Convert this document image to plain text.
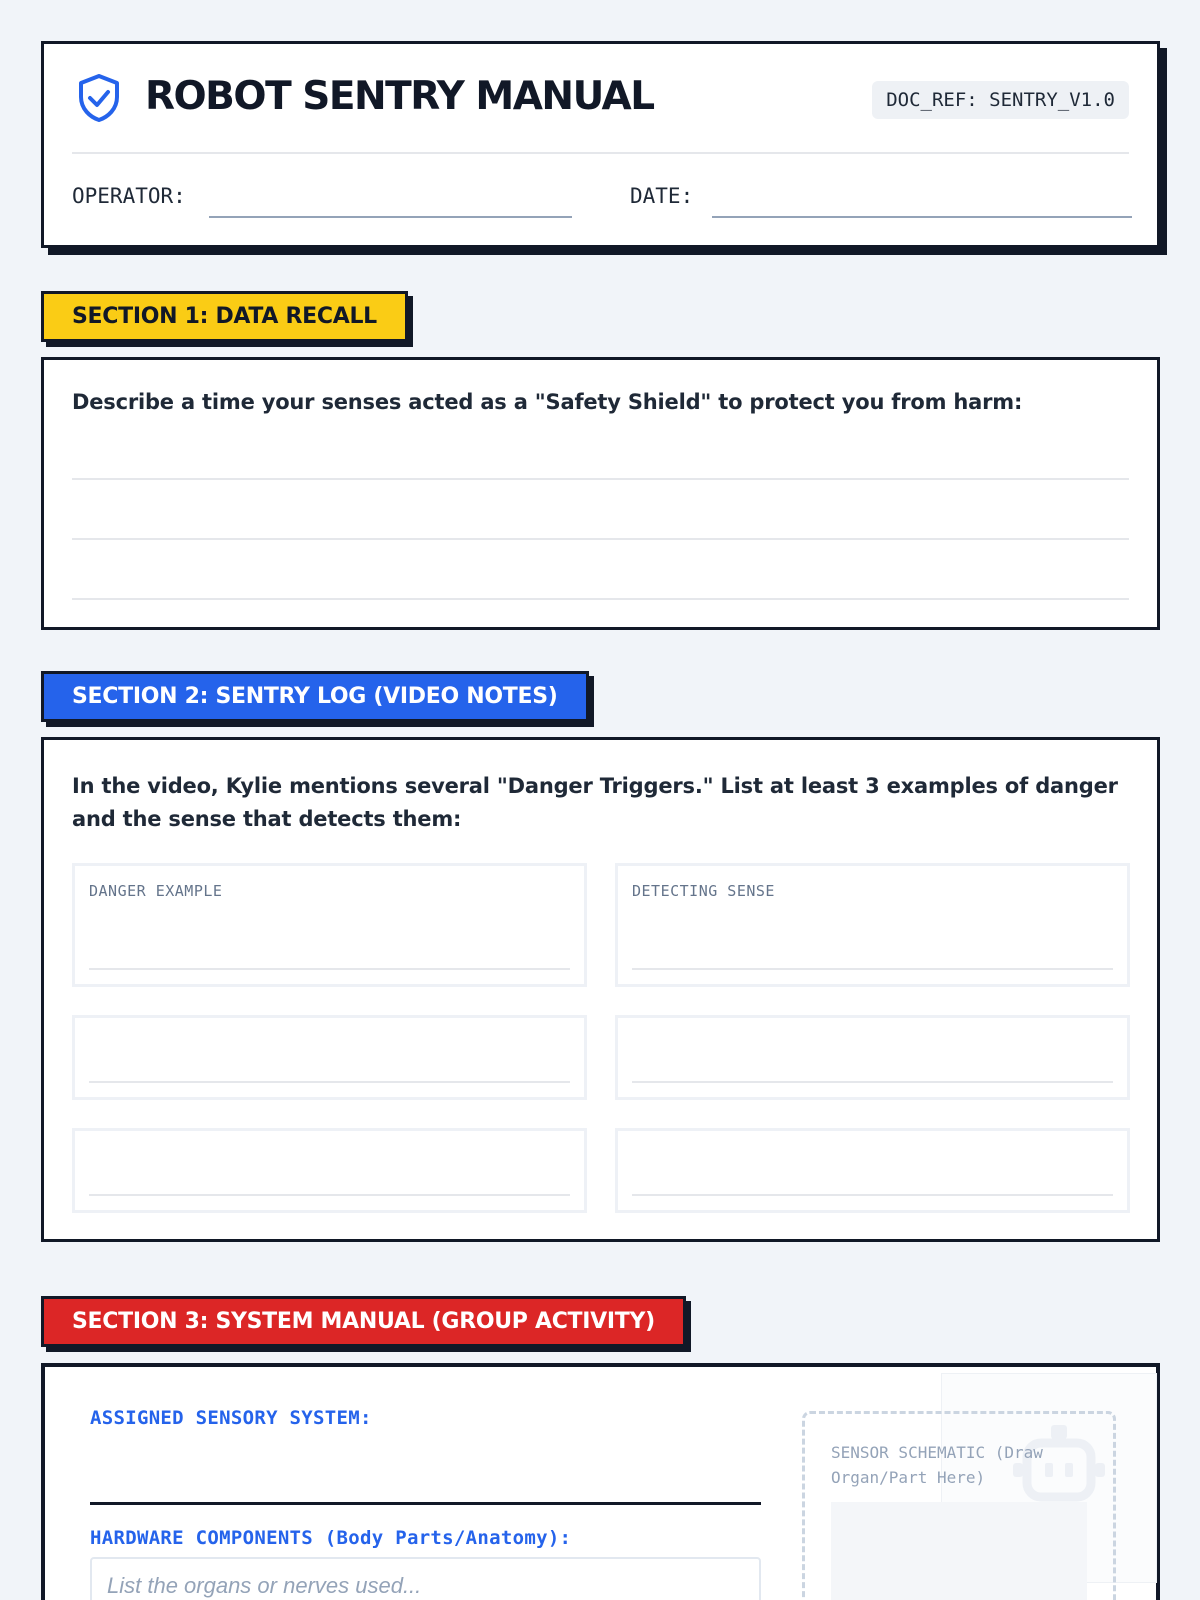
ROBOT SENTRY MANUAL	DOC_REF: SENTRY_V1.0
OPERATOR:	DATE:
SECTION 1: DATA RECALL
Describe a time your senses acted as a "Safety Shield" to protect you from harm:
SECTION 2: SENTRY LOG (VIDEO NOTES)
In the video, Kylie mentions several "Danger Triggers." List at least 3 examples of danger and the sense that detects them:
DANGER EXAMPLE	DETECTING SENSE
SECTION 3: SYSTEM MANUAL (GROUP ACTIVITY)
ASSIGNED SENSORY SYSTEM:
HARDWARE COMPONENTS (Body Parts/Anatomy):
List the organs or nerves used...
SENSOR SCHEMATIC (Draw Organ/Part Here)
